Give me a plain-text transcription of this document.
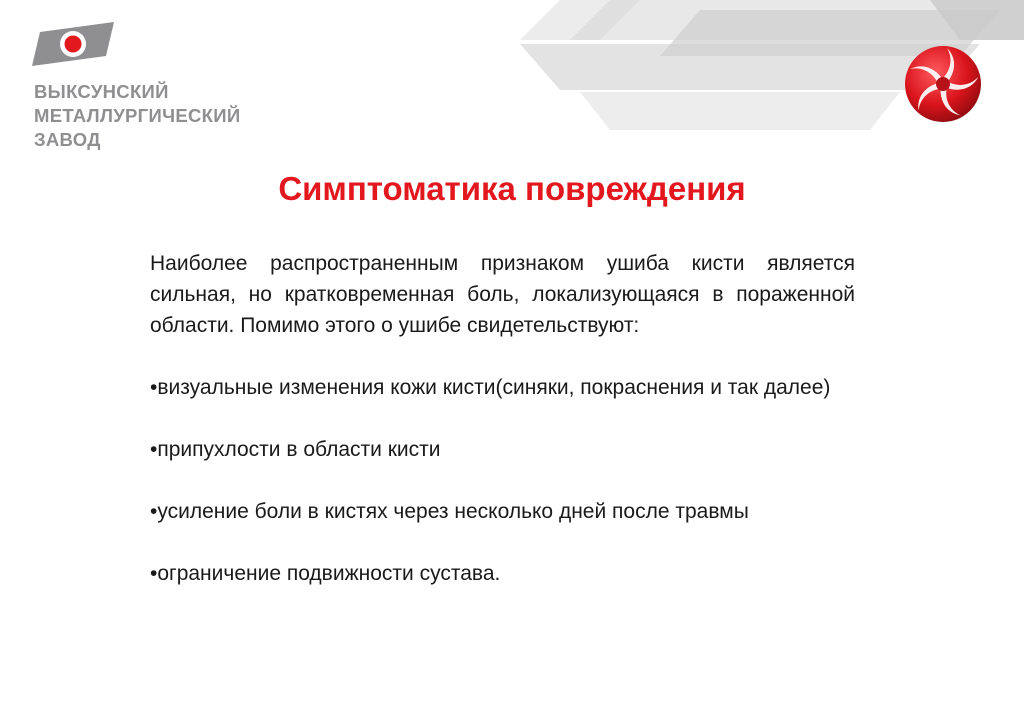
ВЫКСУНСКИЙ
МЕТАЛЛУРГИЧЕСКИЙ
ЗАВОД
Симптоматика повреждения

Наиболее распространенным признаком ушиба кисти является сильная, но кратковременная боль, локализующаяся в пораженной области. Помимо этого о ушибе свидетельствуют:

•визуальные изменения кожи кисти(синяки, покраснения и так далее)

•припухлости в области кисти

•усиление боли в кистях через несколько дней после травмы

•ограничение подвижности сустава.
